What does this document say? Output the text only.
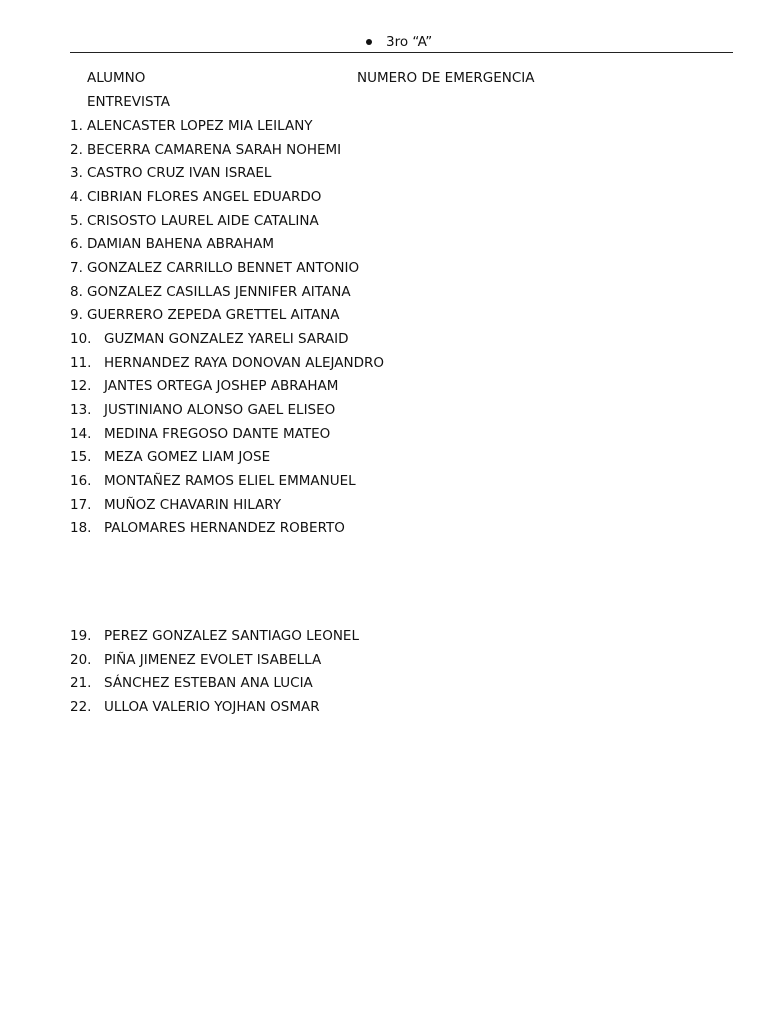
3ro “A”
ALUMNO	NUMERO DE EMERGENCIA
ENTREVISTA
1. ALENCASTER LOPEZ MIA LEILANY
2. BECERRA CAMARENA SARAH NOHEMI
3. CASTRO CRUZ IVAN ISRAEL
4. CIBRIAN FLORES ANGEL EDUARDO
5. CRISOSTO LAUREL AIDE CATALINA
6. DAMIAN BAHENA ABRAHAM
7. GONZALEZ CARRILLO BENNET ANTONIO
8. GONZALEZ CASILLAS JENNIFER AITANA
9. GUERRERO ZEPEDA GRETTEL AITANA
10. GUZMAN GONZALEZ YARELI SARAID
11. HERNANDEZ RAYA DONOVAN ALEJANDRO
12. JANTES ORTEGA JOSHEP ABRAHAM
13. JUSTINIANO ALONSO GAEL ELISEO
14. MEDINA FREGOSO DANTE MATEO
15. MEZA GOMEZ LIAM JOSE
16. MONTAÑEZ RAMOS ELIEL EMMANUEL
17. MUÑOZ CHAVARIN HILARY
18. PALOMARES HERNANDEZ ROBERTO
19. PEREZ GONZALEZ SANTIAGO LEONEL
20. PIÑA JIMENEZ EVOLET ISABELLA
21. SÁNCHEZ ESTEBAN ANA LUCIA
22. ULLOA VALERIO YOJHAN OSMAR
